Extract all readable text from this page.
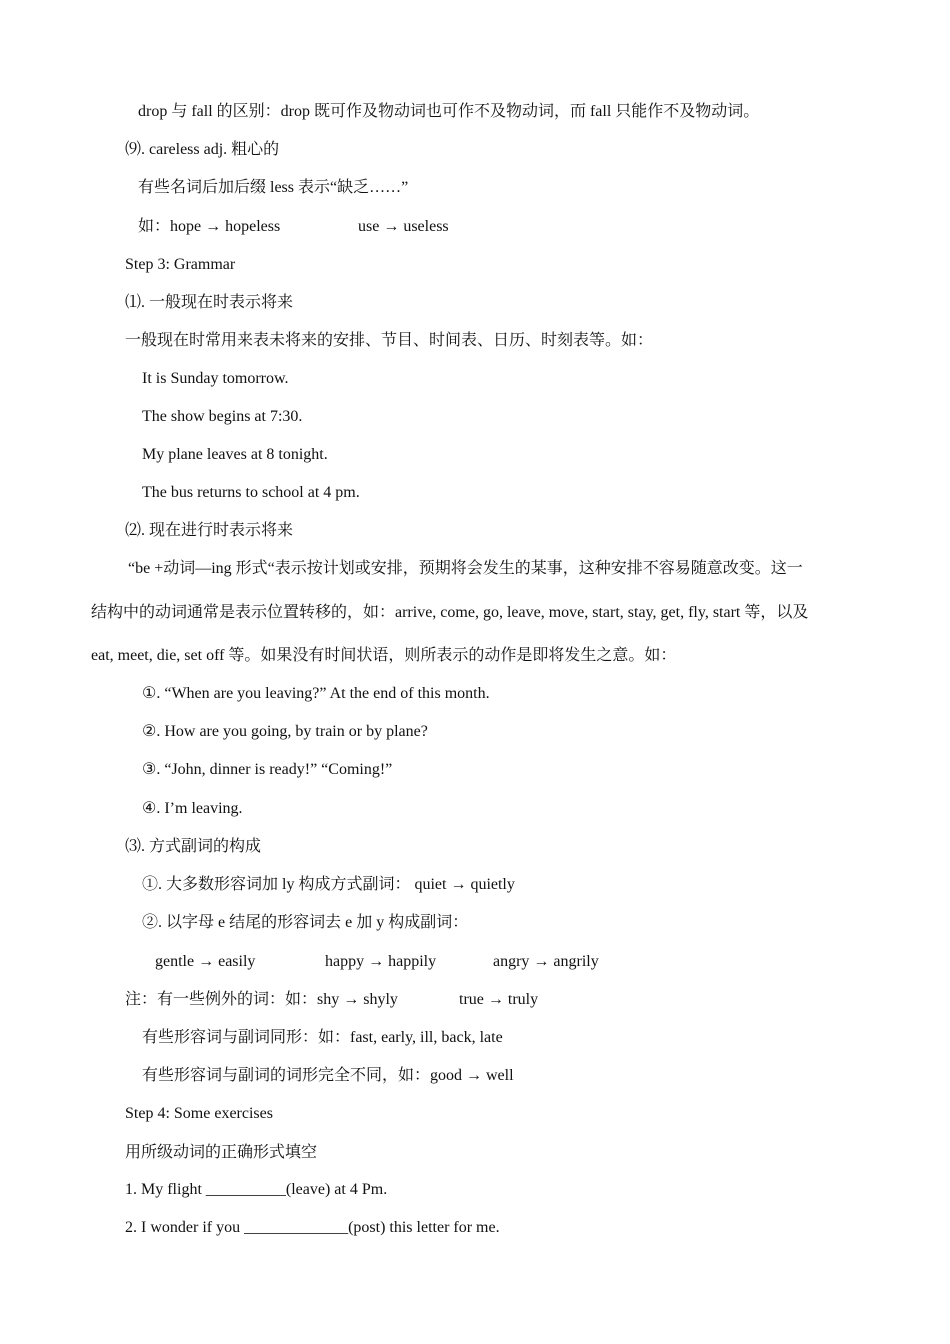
drop 与 fall 的区别：drop 既可作及物动词也可作不及物动词，而 fall 只能作不及物动词。
⑼. careless adj. 粗心的
有些名词后加后缀 less 表示“缺乏……”
如：hope → hopeless	use → useless
Step 3: Grammar
⑴. 一般现在时表示将来
一般现在时常用来表未将来的安排、节目、时间表、日历、时刻表等。如：
It is Sunday tomorrow.
The show begins at 7:30.
My plane leaves at 8 tonight.
The bus returns to school at 4 pm.
⑵. 现在进行时表示将来
“be +动词—ing 形式“表示按计划或安排，预期将会发生的某事，这种安排不容易随意改变。这一
结构中的动词通常是表示位置转移的，如：arrive, come, go, leave, move, start, stay, get, fly, start 等，以及
eat, meet, die, set off 等。如果没有时间状语，则所表示的动作是即将发生之意。如：
①. “When are you leaving?” At the end of this month.
②. How are you going, by train or by plane?
③. “John, dinner is ready!” “Coming!”
④. I’m leaving.
⑶. 方式副词的构成
①. 大多数形容词加 ly 构成方式副词： quiet → quietly
②. 以字母 e 结尾的形容词去 e 加 y 构成副词：
gentle → easily	happy → happily	angry → angrily
注：有一些例外的词：如：shy → shyly	true → truly
有些形容词与副词同形：如：fast, early, ill, back, late
有些形容词与副词的词形完全不同，如：good → well
Step 4: Some exercises
用所级动词的正确形式填空
1. My flight __________(leave) at 4 Pm.
2. I wonder if you _____________(post) this letter for me.
